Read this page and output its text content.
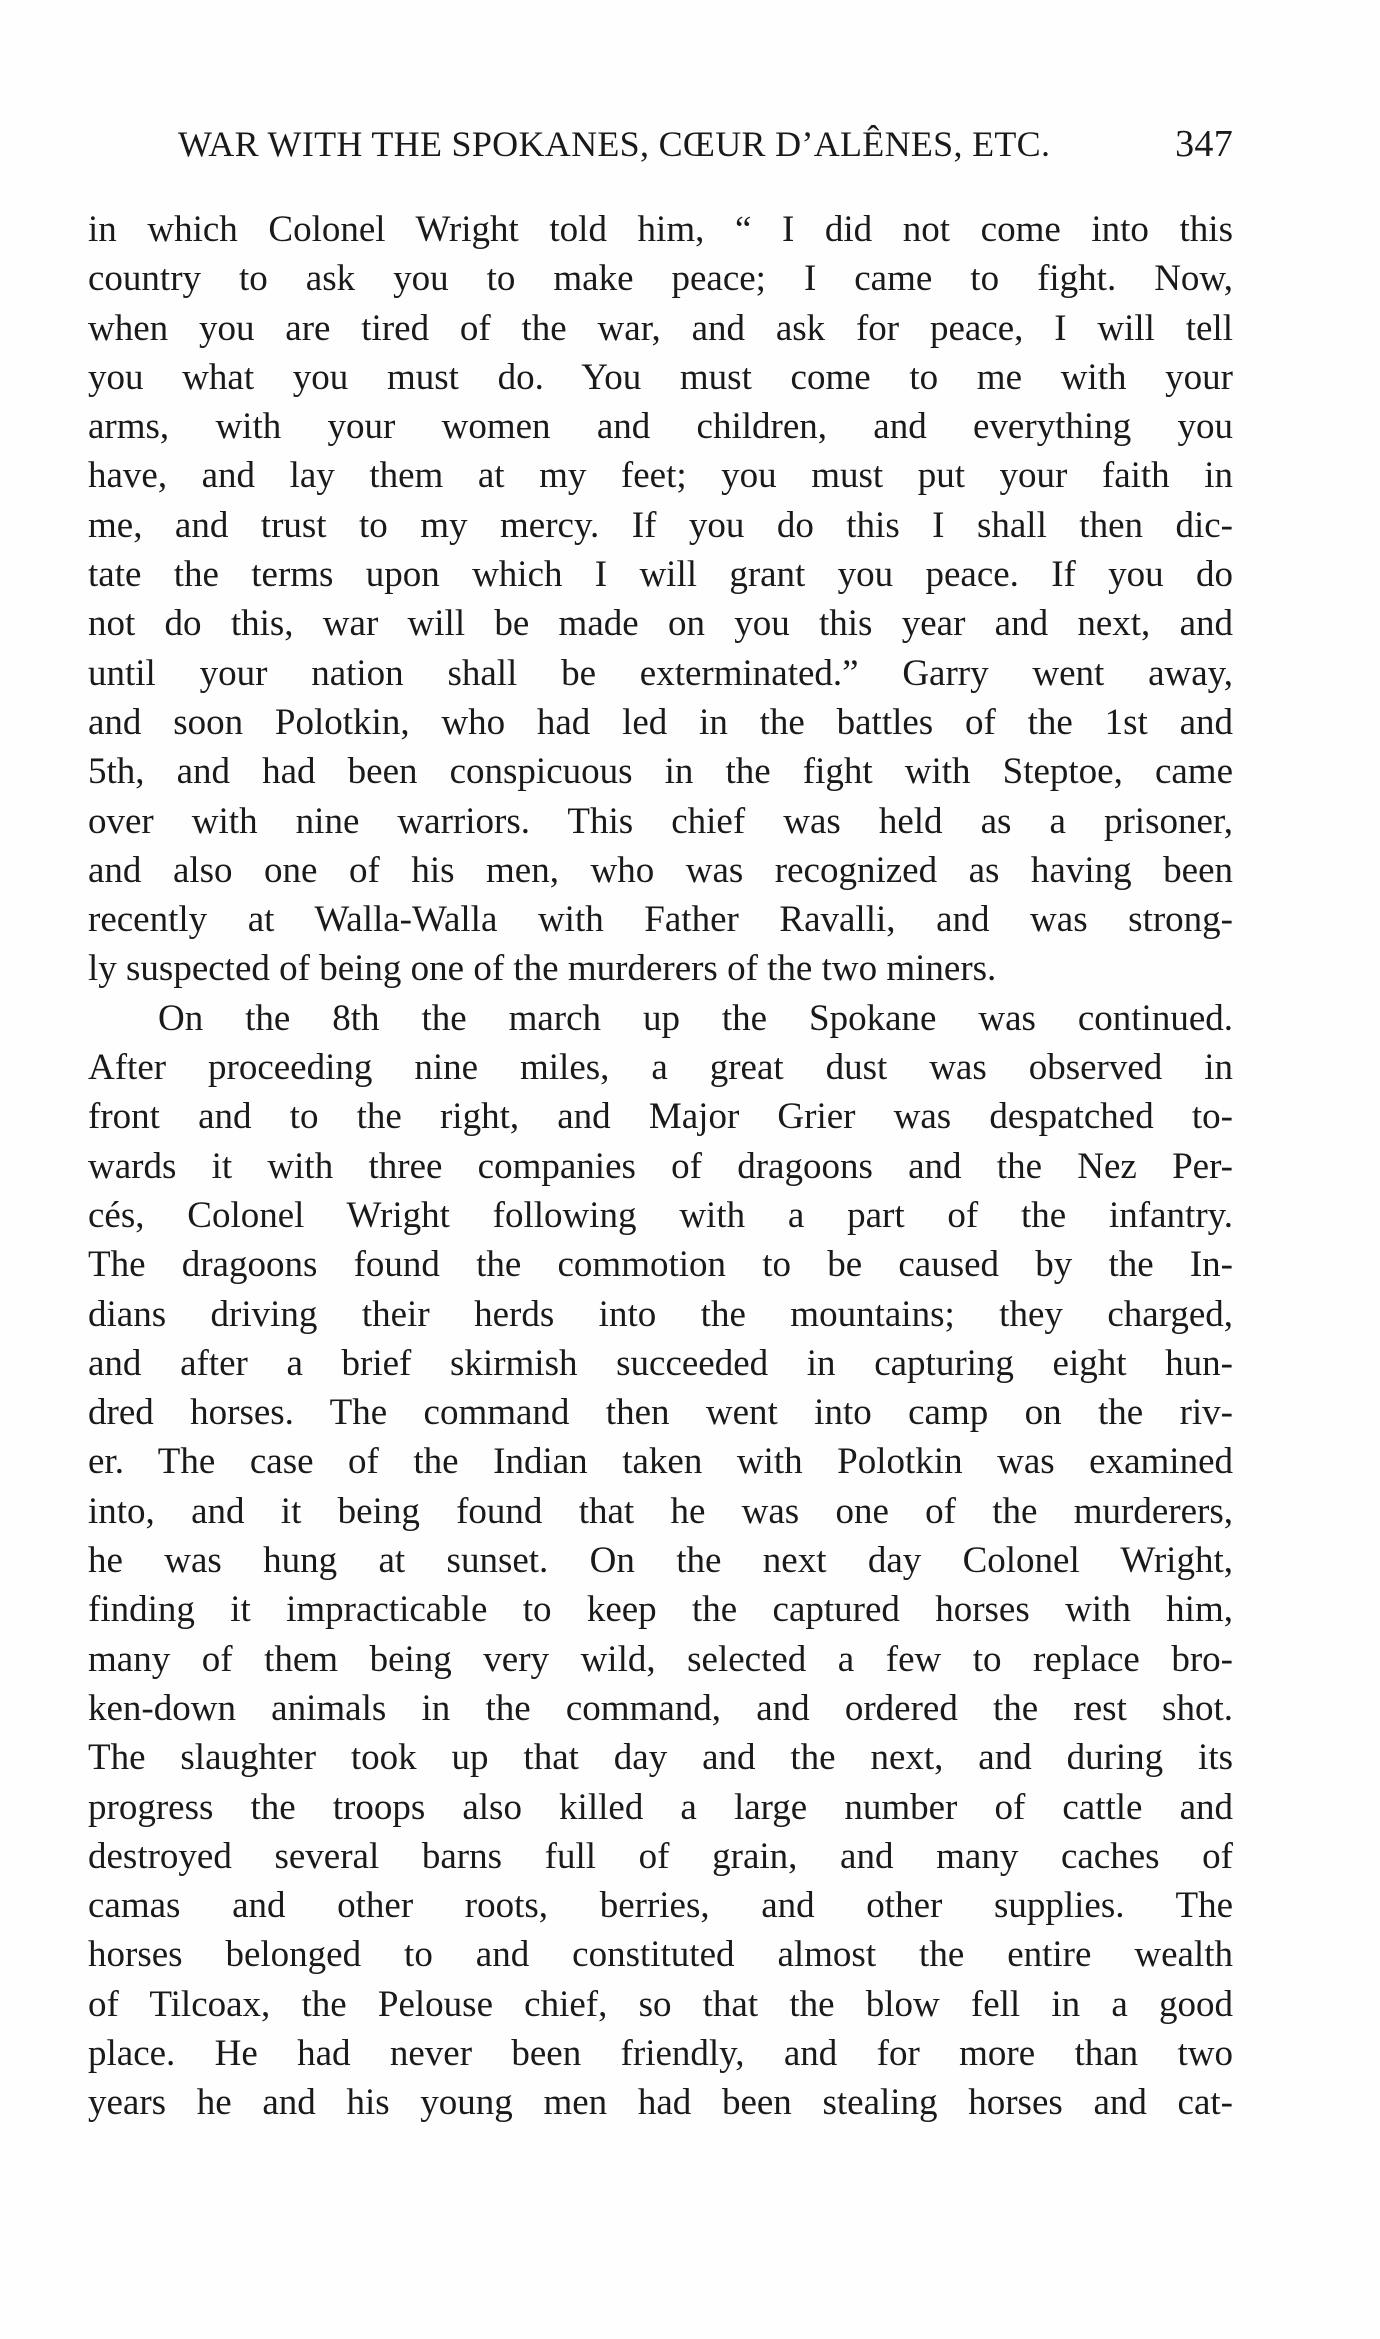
WAR WITH THE SPOKANES, CŒUR D’ALÊNES, ETC.	347
in which Colonel Wright told him, “ I did not come into this
country to ask you to make peace; I came to fight. Now,
when you are tired of the war, and ask for peace, I will tell
you what you must do. You must come to me with your
arms, with your women and children, and everything you
have, and lay them at my feet; you must put your faith in
me, and trust to my mercy. If you do this I shall then dic-
tate the terms upon which I will grant you peace. If you do
not do this, war will be made on you this year and next, and
until your nation shall be exterminated.” Garry went away,
and soon Polotkin, who had led in the battles of the 1st and
5th, and had been conspicuous in the fight with Steptoe, came
over with nine warriors. This chief was held as a prisoner,
and also one of his men, who was recognized as having been
recently at Walla-Walla with Father Ravalli, and was strong-
ly suspected of being one of the murderers of the two miners.
On the 8th the march up the Spokane was continued.
After proceeding nine miles, a great dust was observed in
front and to the right, and Major Grier was despatched to-
wards it with three companies of dragoons and the Nez Per-
cés, Colonel Wright following with a part of the infantry.
The dragoons found the commotion to be caused by the In-
dians driving their herds into the mountains; they charged,
and after a brief skirmish succeeded in capturing eight hun-
dred horses. The command then went into camp on the riv-
er. The case of the Indian taken with Polotkin was examined
into, and it being found that he was one of the murderers,
he was hung at sunset. On the next day Colonel Wright,
finding it impracticable to keep the captured horses with him,
many of them being very wild, selected a few to replace bro-
ken-down animals in the command, and ordered the rest shot.
The slaughter took up that day and the next, and during its
progress the troops also killed a large number of cattle and
destroyed several barns full of grain, and many caches of
camas and other roots, berries, and other supplies. The
horses belonged to and constituted almost the entire wealth
of Tilcoax, the Pelouse chief, so that the blow fell in a good
place. He had never been friendly, and for more than two
years he and his young men had been stealing horses and cat-
